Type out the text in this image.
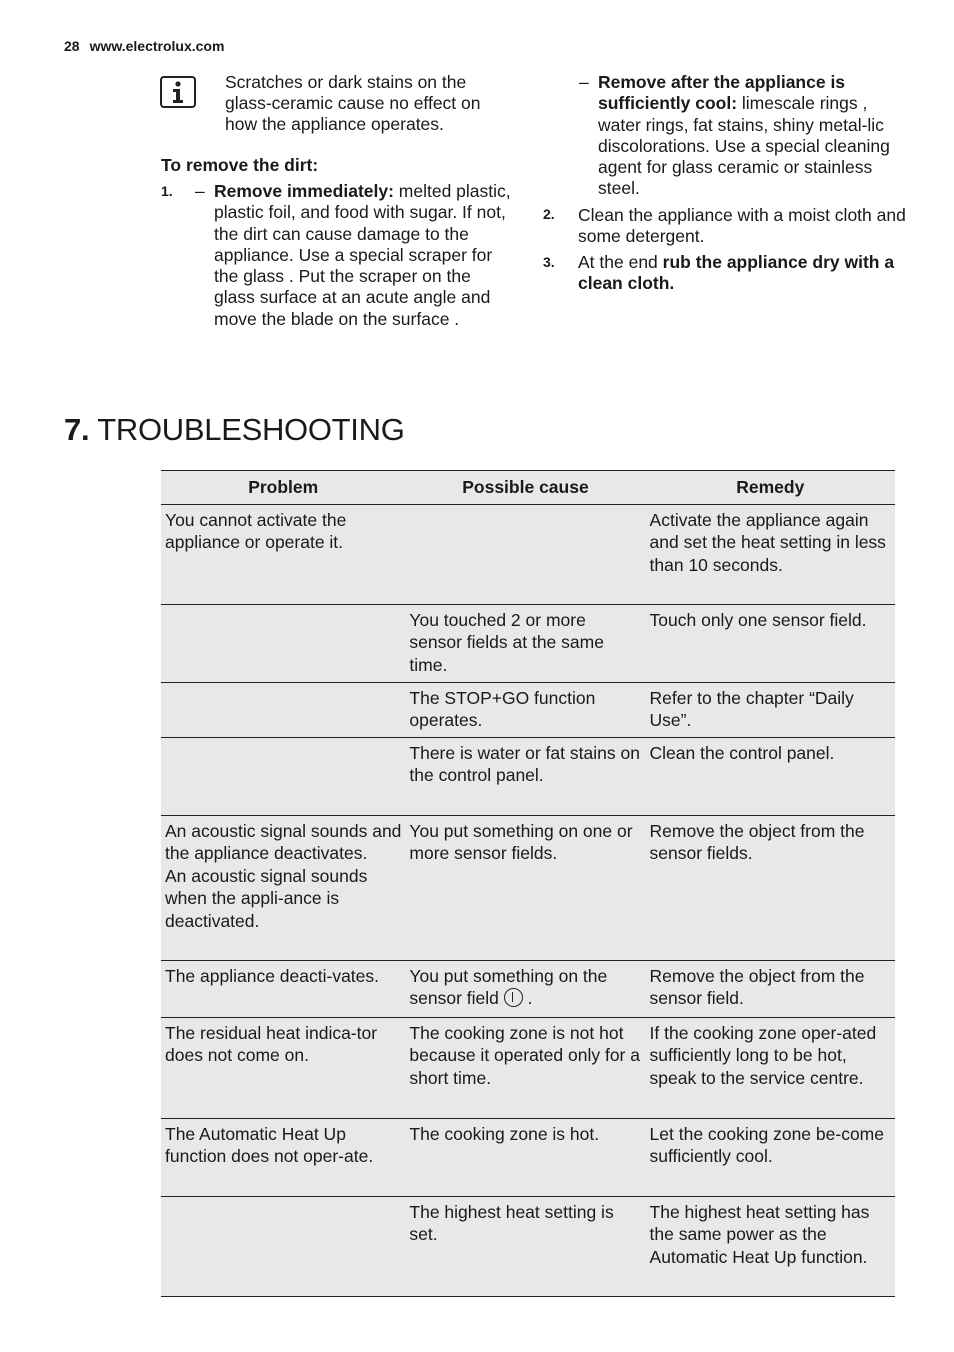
28 www.electrolux.com
Scratches or dark stains on the glass-ceramic cause no effect on how the appliance operates.
To remove the dirt:
1. – Remove immediately: melted plastic, plastic foil, and food with sugar. If not, the dirt can cause damage to the appliance. Use a special scraper for the glass . Put the scraper on the glass surface at an acute angle and move the blade on the surface .
– Remove after the appliance is sufficiently cool: limescale rings , water rings, fat stains, shiny metal-lic discolorations. Use a special cleaning agent for glass ceramic or stainless steel.
2. Clean the appliance with a moist cloth and some detergent.
3. At the end rub the appliance dry with a clean cloth.
7. TROUBLESHOOTING
Problem	Possible cause	Remedy
You cannot activate the appliance or operate it.		Activate the appliance again and set the heat setting in less than 10 seconds.
	You touched 2 or more sensor fields at the same time.	Touch only one sensor field.
	The STOP+GO function operates.	Refer to the chapter “Daily Use”.
	There is water or fat stains on the control panel.	Clean the control panel.

An acoustic signal sounds and the appliance deactivates.
An acoustic signal sounds when the appli-ance is deactivated.	You put something on one or more sensor fields.	Remove the object from the sensor fields.
The appliance deacti-vates.	You put something on the sensor field  .	Remove the object from the sensor field.
The residual heat indica-tor does not come on.	The cooking zone is not hot because it operated only for a short time.	If the cooking zone oper-ated sufficiently long to be hot, speak to the service centre.
The Automatic Heat Up function does not oper-ate.	The cooking zone is hot.	Let the cooking zone be-come sufficiently cool.
	The highest heat setting is set.	The highest heat setting has the same power as the Automatic Heat Up function.
